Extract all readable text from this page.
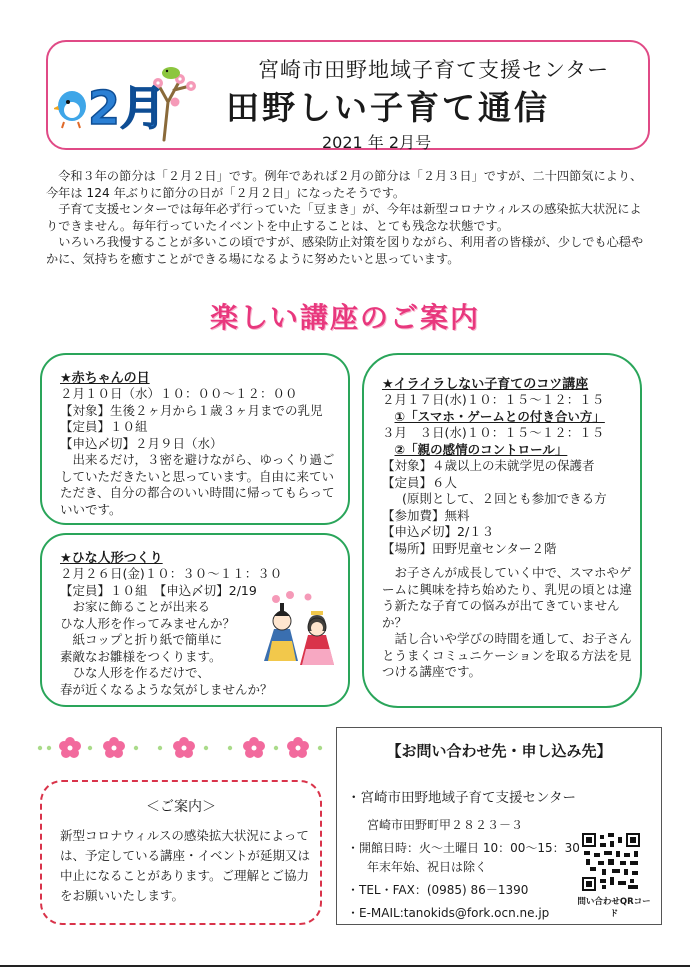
2月
宮崎市田野地域子育て支援センター
田野しい子育て通信
2021 年 2月号

令和３年の節分は「２月２日」です。例年であれば２月の節分は「２月３日」ですが、二十四節気により、今年は 124 年ぶりに節分の日が「２月２日」になったそうです。

子育て支援センターでは毎年必ず行っていた「豆まき」が、今年は新型コロナウィルスの感染拡大状況によりできません。毎年行っていたイベントを中止することは、とても残念な状態です。

いろいろ我慢することが多いこの頃ですが、感染防止対策を図りながら、利用者の皆様が、少しでも心穏やかに、気持ちを癒すことができる場になるように努めたいと思っています。

楽しい講座のご案内
★赤ちゃんの日
２月１０日（水）１０：００～１２：００
【対象】生後２ヶ月から１歳３ヶ月までの乳児
【定員】１０組
【申込〆切】２月９日（水）
出来るだけ，３密を避けながら、ゆっくり過ごしていただきたいと思っています。自由に来ていただき、自分の都合のいい時間に帰ってもらっていいです。
★ひな人形つくり
２月２６日(金)１０：３０～１１：３０
【定員】１０組　【申込〆切】2/19
お家に飾ることが出来る
ひな人形を作ってみませんか？
紙コップと折り紙で簡単に
素敵なお雛様をつくります。
ひな人形を作るだけで、
春が近くなるような気がしませんか？
★イライラしない子育てのコツ講座
２月１７日(水)１０：１５～１２：１５
①「スマホ・ゲームとの付き合い方」
３月　３日(水)１０：１５～１２：１５
②「親の感情のコントロール」
【対象】４歳以上の未就学児の保護者
【定員】６人
(原則として、２回とも参加できる方
【参加費】無料
【申込〆切】2/１３
【場所】田野児童センター２階
お子さんが成長していく中で、スマホやゲームに興味を持ち始めたり、乳児の頃とは違う新たな子育ての悩みが出てきていませんか？
話し合いや学びの時間を通して、お子さんとうまくコミュニケーションを取る方法を見つける講座です。
＜ご案内＞
新型コロナウィルスの感染拡大状況によっては、予定している講座・イベントが延期又は中止になることがあります。ご理解とご協力をお願いいたします。
【お問い合わせ先・申し込み先】
・宮崎市田野地域子育て支援センター
宮崎市田野町甲２８２３－３
・開館日時：火～土曜日 10：00～15：30
年末年始、祝日は除く
・TEL・FAX：(0985) 86－1390
・E-MAIL:tanokids@fork.ocn.ne.jp
問い合わせQRコード
